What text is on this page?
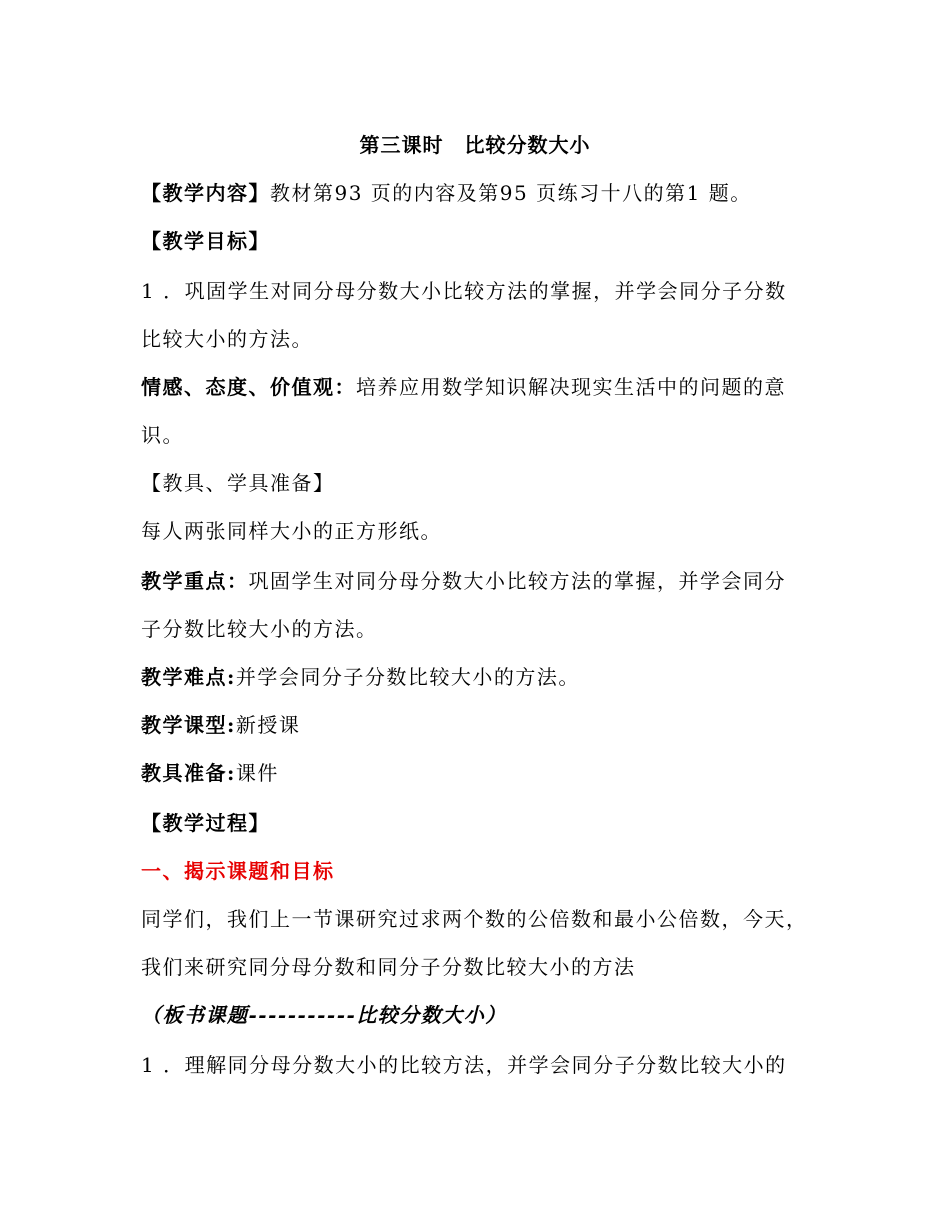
第三课时　比较分数大小
【教学内容】教材第93 页的内容及第95 页练习十八的第1 题。
【教学目标】
1 ．巩固学生对同分母分数大小比较方法的掌握，并学会同分子分数
比较大小的方法。
情感、态度、价值观：培养应用数学知识解决现实生活中的问题的意
识。
【教具、学具准备】
每人两张同样大小的正方形纸。
教学重点：巩固学生对同分母分数大小比较方法的掌握，并学会同分
子分数比较大小的方法。
教学难点:并学会同分子分数比较大小的方法。
教学课型:新授课
教具准备:课件
【教学过程】
一、揭示课题和目标
同学们，我们上一节课研究过求两个数的公倍数和最小公倍数，今天，
我们来研究同分母分数和同分子分数比较大小的方法
（板书课题-----------比较分数大小）
1 ．理解同分母分数大小的比较方法，并学会同分子分数比较大小的
